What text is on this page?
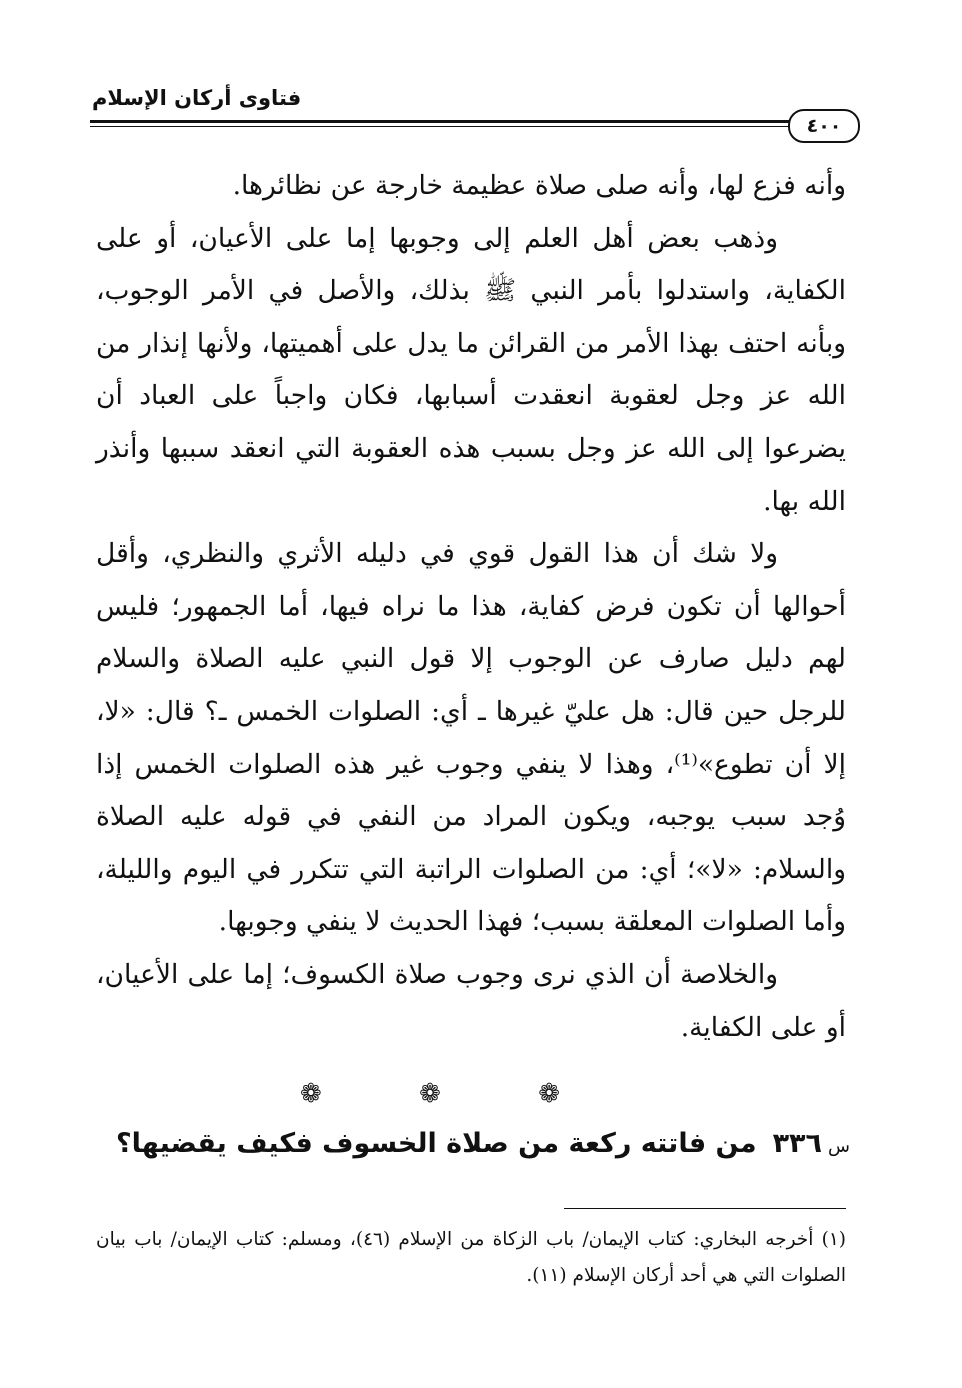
فتاوى أركان الإسلام
٤٠٠

وأنه فزع لها، وأنه صلى صلاة عظيمة خارجة عن نظائرها.

وذهب بعض أهل العلم إلى وجوبها إما على الأعيان، أو على الكفاية، واستدلوا بأمر النبي ﷺ بذلك، والأصل في الأمر الوجوب، وبأنه احتف بهذا الأمر من القرائن ما يدل على أهميتها، ولأنها إنذار من الله عز وجل لعقوبة انعقدت أسبابها، فكان واجباً على العباد أن يضرعوا إلى الله عز وجل بسبب هذه العقوبة التي انعقد سببها وأنذر الله بها.

ولا شك أن هذا القول قوي في دليله الأثري والنظري، وأقل أحوالها أن تكون فرض كفاية، هذا ما نراه فيها، أما الجمهور؛ فليس لهم دليل صارف عن الوجوب إلا قول النبي عليه الصلاة والسلام للرجل حين قال: هل عليّ غيرها ـ أي: الصلوات الخمس ـ؟ قال: «لا، إلا أن تطوع»⁽¹⁾، وهذا لا ينفي وجوب غير هذه الصلوات الخمس إذا وُجد سبب يوجبه، ويكون المراد من النفي في قوله عليه الصلاة والسلام: «لا»؛ أي: من الصلوات الراتبة التي تتكرر في اليوم والليلة، وأما الصلوات المعلقة بسبب؛ فهذا الحديث لا ينفي وجوبها.

والخلاصة أن الذي نرى وجوب صلاة الكسوف؛ إما على الأعيان، أو على الكفاية.

❁	❁	❁
س٣٣٦من فاتته ركعة من صلاة الخسوف فكيف يقضيها؟

(١) أخرجه البخاري: كتاب الإيمان/ باب الزكاة من الإسلام (٤٦)، ومسلم: كتاب الإيمان/ باب بيان الصلوات التي هي أحد أركان الإسلام (١١).
